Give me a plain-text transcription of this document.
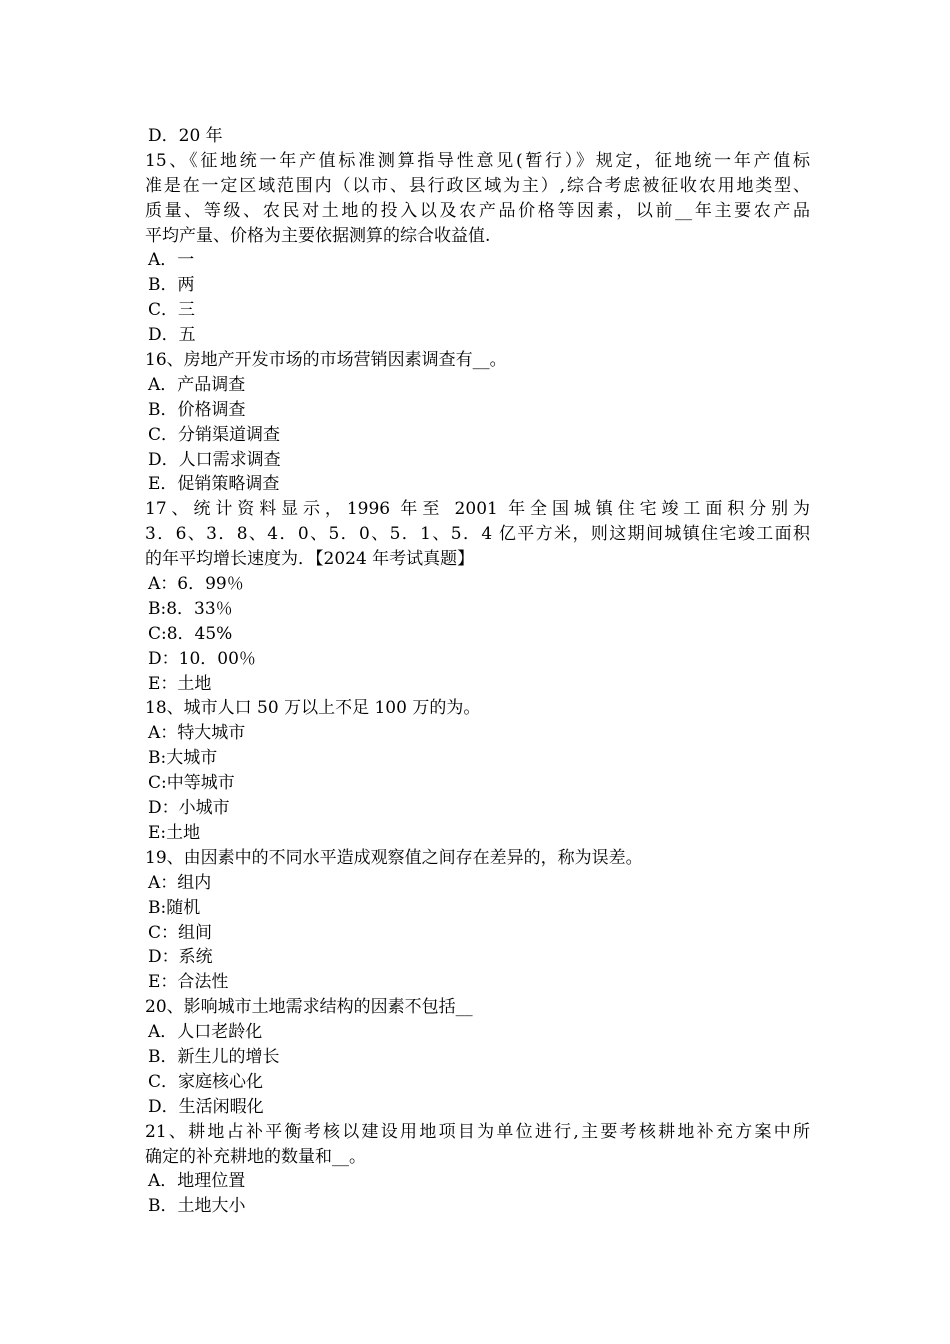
D．20 年
15、《征地统一年产值标准测算指导性意见(暂行）》规定，征地统一年产值标
准是在一定区域范围内（以市、县行政区域为主）,综合考虑被征收农用地类型、
质量、等级、农民对土地的投入以及农产品价格等因素，以前__年主要农产品
平均产量、价格为主要依据测算的综合收益值.
A．一
B．两
C．三
D．五
16、房地产开发市场的市场营销因素调查有__。
A．产品调查
B．价格调查
C．分销渠道调查
D．人口需求调查
E．促销策略调查
17、统计资料显示，1996 年至 2001 年全国城镇住宅竣工面积分别为
3．6、3．8、4．0、5．0、5．1、5．4 亿平方米，则这期间城镇住宅竣工面积
的年平均增长速度为．【2024 年考试真题】
A：6．99％
B:8．33％
C:8．45%
D：10．00％
E：土地
18、城市人口 50 万以上不足 100 万的为。
A：特大城市
B:大城市
C:中等城市
D：小城市
E:土地
19、由因素中的不同水平造成观察值之间存在差异的，称为误差。
A：组内
B:随机
C：组间
D：系统
E：合法性
20、影响城市土地需求结构的因素不包括__
A．人口老龄化
B．新生儿的增长
C．家庭核心化
D．生活闲暇化
21、耕地占补平衡考核以建设用地项目为单位进行,主要考核耕地补充方案中所
确定的补充耕地的数量和__。
A．地理位置
B．土地大小
